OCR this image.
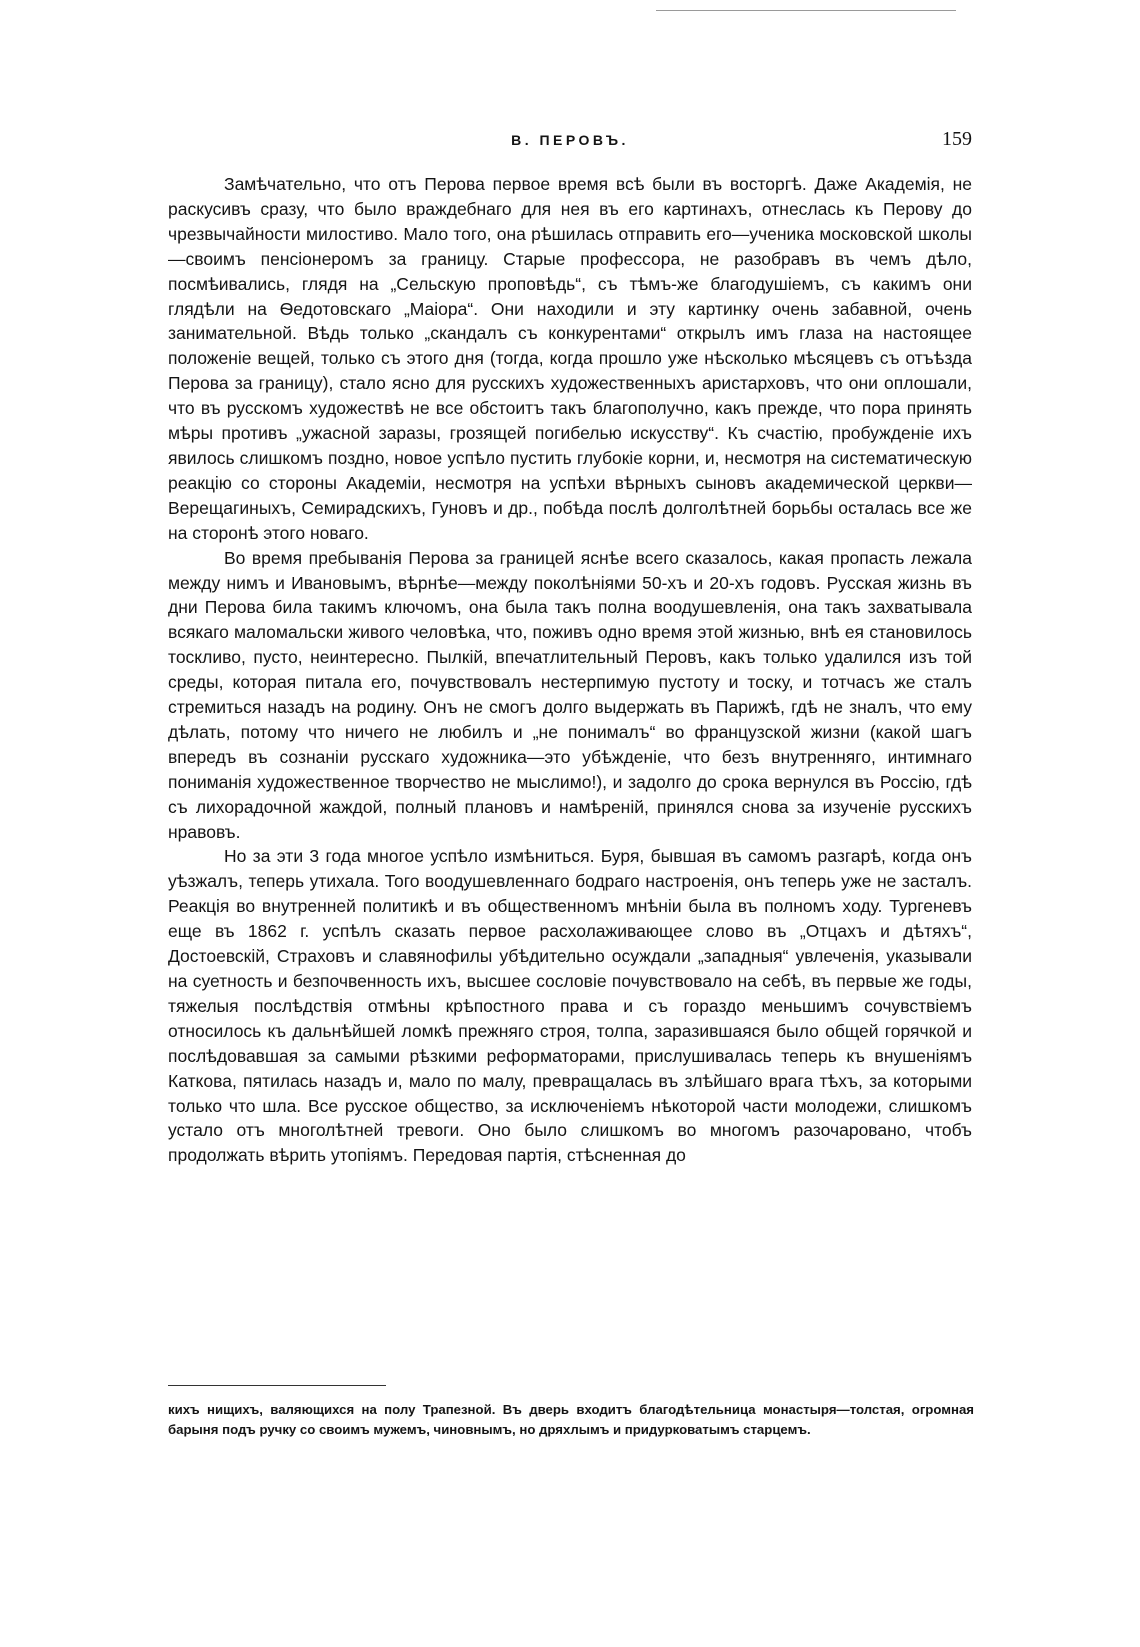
В. ПЕРОВЪ.	159

Замѣчательно, что отъ Перова первое время всѣ были въ восторгѣ. Даже Академія, не раскусивъ сразу, что было враждебнаго для нея въ его картинахъ, отнеслась къ Перову до чрезвычайности милостиво. Мало того, она рѣшилась отправить его—ученика московской школы—своимъ пенсіонеромъ за границу. Старые профессора, не разобравъ въ чемъ дѣло, посмѣивались, глядя на „Сельскую проповѣдь“, съ тѣмъ-же благодушіемъ, съ какимъ они глядѣли на Ѳедотовскаго „Маіора“. Они находили и эту картинку очень забавной, очень занимательной. Вѣдь только „скандалъ съ конкурентами“ открылъ имъ глаза на настоящее положеніе вещей, только съ этого дня (тогда, когда прошло уже нѣсколько мѣсяцевъ съ отъѣзда Перова за границу), стало ясно для русскихъ художественныхъ аристарховъ, что они оплошали, что въ русскомъ художествѣ не все обстоитъ такъ благополучно, какъ прежде, что пора принять мѣры противъ „ужасной заразы, грозящей погибелью искусству“. Къ счастію, пробужденіе ихъ явилось слишкомъ поздно, новое успѣло пустить глубокіе корни, и, несмотря на систематическую реакцію со стороны Академіи, несмотря на успѣхи вѣрныхъ сыновъ академической церкви—Верещагиныхъ, Семирадскихъ, Гуновъ и др., побѣда послѣ долголѣтней борьбы осталась все же на сторонѣ этого новаго.

Во время пребыванія Перова за границей яснѣе всего сказалось, какая пропасть лежала между нимъ и Ивановымъ, вѣрнѣе—между поколѣніями 50-хъ и 20-хъ годовъ. Русская жизнь въ дни Перова била такимъ ключомъ, она была такъ полна воодушевленія, она такъ захватывала всякаго маломальски живого человѣка, что, поживъ одно время этой жизнью, внѣ ея становилось тоскливо, пусто, неинтересно. Пылкій, впечатлительный Перовъ, какъ только удалился изъ той среды, которая питала его, почувствовалъ нестерпимую пустоту и тоску, и тотчасъ же сталъ стремиться назадъ на родину. Онъ не смогъ долго выдержать въ Парижѣ, гдѣ не зналъ, что ему дѣлать, потому что ничего не любилъ и „не понималъ“ во французской жизни (какой шагъ впередъ въ сознаніи русскаго художника—это убѣжденіе, что безъ внутренняго, интимнаго пониманія художественное творчество не мыслимо!), и задолго до срока вернулся въ Россію, гдѣ съ лихорадочной жаждой, полный плановъ и намѣреній, принялся снова за изученіе русскихъ нравовъ.

Но за эти 3 года многое успѣло измѣниться. Буря, бывшая въ самомъ разгарѣ, когда онъ уѣзжалъ, теперь утихала. Того воодушевленнаго бодраго настроенія, онъ теперь уже не засталъ. Реакція во внутренней политикѣ и въ общественномъ мнѣніи была въ полномъ ходу. Тургеневъ еще въ 1862 г. успѣлъ сказать первое расхолаживающее слово въ „Отцахъ и дѣтяхъ“, Достоевскій, Страховъ и славянофилы убѣдительно осуждали „западныя“ увлеченія, указывали на суетность и безпочвенность ихъ, высшее сословіе почувствовало на себѣ, въ первые же годы, тяжелыя послѣдствія отмѣны крѣпостного права и съ гораздо меньшимъ сочувствіемъ относилось къ дальнѣйшей ломкѣ прежняго строя, толпа, заразившаяся было общей горячкой и послѣдовавшая за самыми рѣзкими реформаторами, прислушивалась теперь къ внушеніямъ Каткова, пятилась назадъ и, мало по малу, превращалась въ злѣйшаго врага тѣхъ, за которыми только что шла. Все русское общество, за исключеніемъ нѣкоторой части молодежи, слишкомъ устало отъ многолѣтней тревоги. Оно было слишкомъ во многомъ разочаровано, чтобъ продолжать вѣрить утопіямъ. Передовая партія, стѣсненная до

кихъ нищихъ, валяющихся на полу Трапезной. Въ дверь входитъ благодѣтельница монастыря—толстая, огромная барыня подъ ручку со своимъ мужемъ, чиновнымъ, но дряхлымъ и придурковатымъ старцемъ.
